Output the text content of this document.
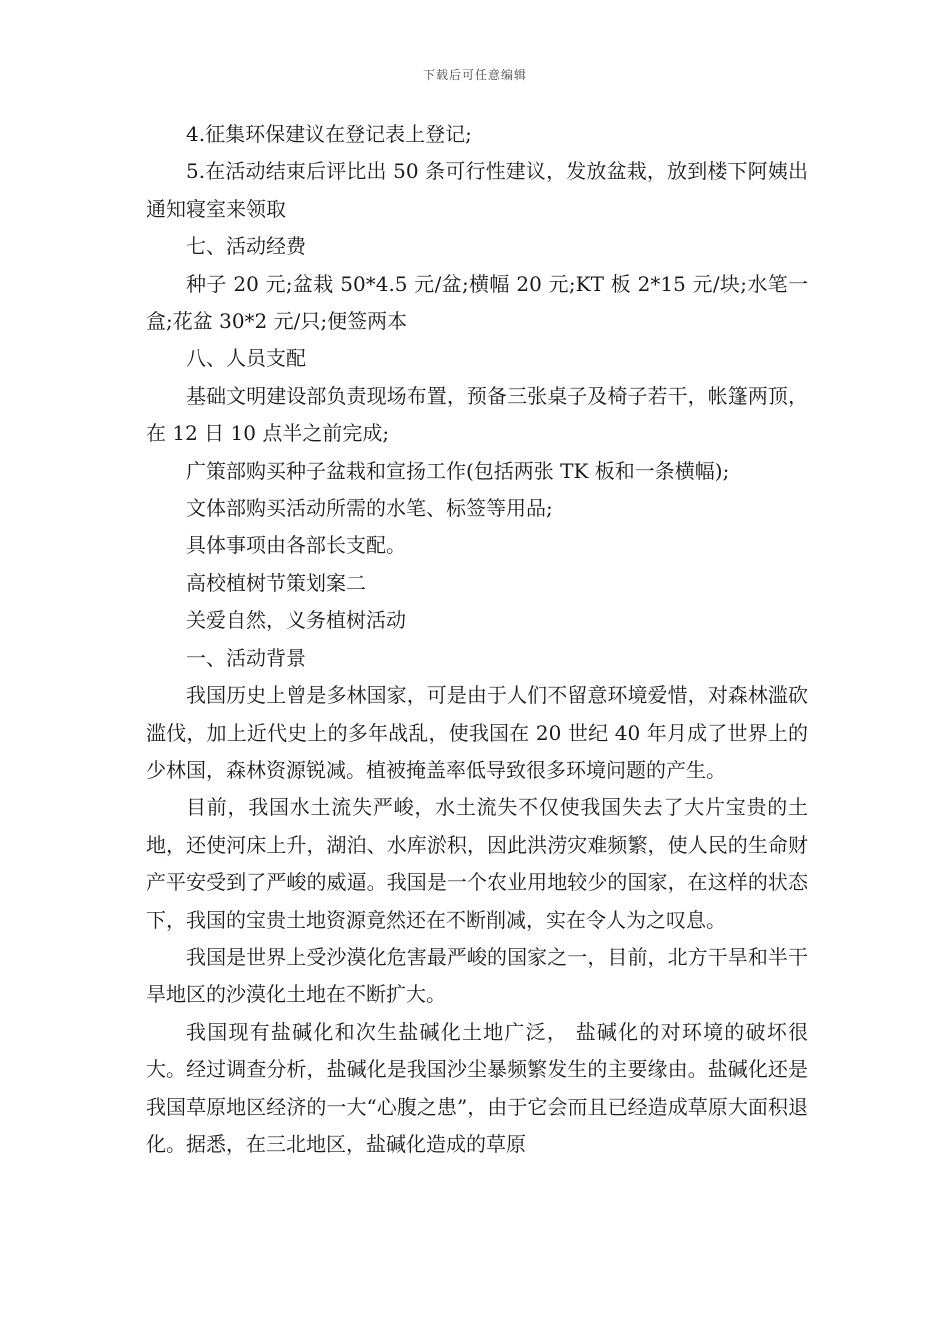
下载后可任意编辑

4.征集环保建议在登记表上登记;

5.在活动结束后评比出 50 条可行性建议，发放盆栽，放到楼下阿姨出通知寝室来领取

七、活动经费

种子 20 元;盆栽 50*4.5 元/盆;横幅 20 元;KT 板 2*15 元/块;水笔一盒;花盆 30*2 元/只;便签两本

八、人员支配

基础文明建设部负责现场布置，预备三张桌子及椅子若干，帐篷两顶，在 12 日 10 点半之前完成;

广策部购买种子盆栽和宣扬工作(包括两张 TK 板和一条横幅);

文体部购买活动所需的水笔、标签等用品;

具体事项由各部长支配。

高校植树节策划案二

关爱自然，义务植树活动

一、活动背景

我国历史上曾是多林国家，可是由于人们不留意环境爱惜，对森林滥砍滥伐，加上近代史上的多年战乱，使我国在 20 世纪 40 年月成了世界上的少林国，森林资源锐减。植被掩盖率低导致很多环境问题的产生。

目前，我国水土流失严峻，水土流失不仅使我国失去了大片宝贵的土地，还使河床上升，湖泊、水库淤积，因此洪涝灾难频繁，使人民的生命财产平安受到了严峻的威逼。我国是一个农业用地较少的国家，在这样的状态下，我国的宝贵土地资源竟然还在不断削减，实在令人为之叹息。

我国是世界上受沙漠化危害最严峻的国家之一，目前，北方干旱和半干旱地区的沙漠化土地在不断扩大。

我国现有盐碱化和次生盐碱化土地广泛， 盐碱化的对环境的破坏很大。经过调查分析，盐碱化是我国沙尘暴频繁发生的主要缘由。盐碱化还是我国草原地区经济的一大“心腹之患”，由于它会而且已经造成草原大面积退化。据悉，在三北地区，盐碱化造成的草原
